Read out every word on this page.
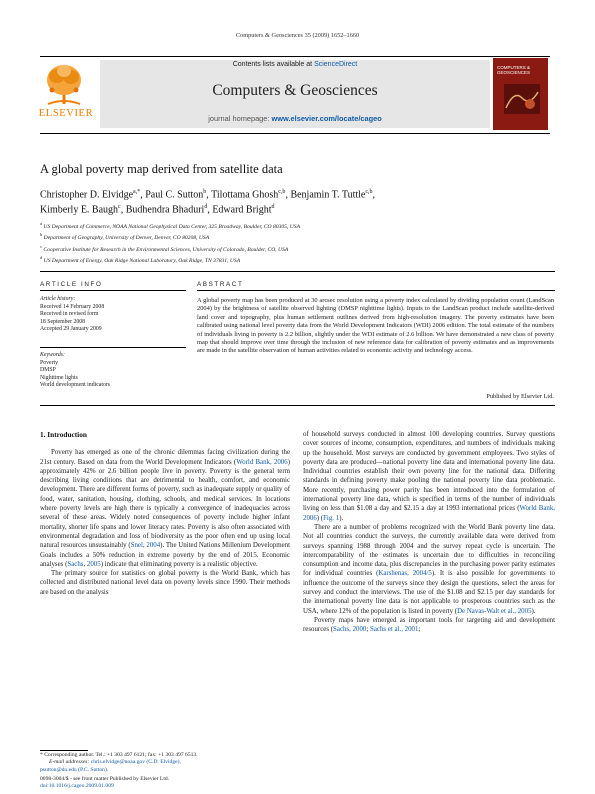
Computers & Geosciences 35 (2009) 1652–1660
ELSEVIER
Contents lists available at ScienceDirect
Computers & Geosciences
journal homepage: www.elsevier.com/locate/cageo
COMPUTERS & GEOSCIENCES
A global poverty map derived from satellite data
Christopher D. Elvidge$^{a,*}$, Paul C. Sutton$^b$, Tilottama Ghosh$^{c,b}$, Benjamin T. Tuttle$^{c,b}$,
Kimberly E. Baugh$^c$, Budhendra Bhaduri$^d$, Edward Bright$^d$
$^a$ US Department of Commerce, NOAA National Geophysical Data Center, 325 Broadway, Boulder, CO 80305, USA
$^b$ Department of Geography, University of Denver, Denver, CO 80208, USA
$^c$ Cooperative Institute for Research in the Environmental Sciences, University of Colorado, Boulder, CO, USA
$^d$ US Department of Energy, Oak Ridge National Laboratory, Oak Ridge, TN 37831, USA
ARTICLE INFO
Article history:
Received 14 February 2008
Received in revised form
18 September 2008
Accepted 29 January 2009
Keywords:
Poverty
DMSP
Nighttime lights
World development indicators
ABSTRACT
A global poverty map has been produced at 30 arcsec resolution using a poverty index calculated by dividing population count (LandScan 2004) by the brightness of satellite observed lighting (DMSP nighttime lights). Inputs to the LandScan product include satellite-derived land cover and topography, plus human settlement outlines derived from high-resolution imagery. The poverty estimates have been calibrated using national level poverty data from the World Development Indicators (WDI) 2006 edition. The total estimate of the numbers of individuals living in poverty is 2.2 billion, slightly under the WDI estimate of 2.6 billion. We have demonstrated a new class of poverty map that should improve over time through the inclusion of new reference data for calibration of poverty estimates and as improvements are made in the satellite observation of human activities related to economic activity and technology access.
Published by Elsevier Ltd.
1. Introduction

Poverty has emerged as one of the chronic dilemmas facing civilization during the 21st century. Based on data from the World Development Indicators (World Bank, 2006) approximately 42% or 2.6 billion people live in poverty. Poverty is the general term describing living conditions that are detrimental to health, comfort, and economic development. There are different forms of poverty, such as inadequate supply or quality of food, water, sanitation, housing, clothing, schools, and medical services. In locations where poverty levels are high there is typically a convergence of inadequacies across several of these areas. Widely noted consequences of poverty include higher infant mortality, shorter life spans and lower literacy rates. Poverty is also often associated with environmental degradation and loss of biodiversity as the poor often end up using local natural resources unsustainably (Snel, 2004). The United Nations Millenium Development Goals includes a 50% reduction in extreme poverty by the end of 2015. Economic analyses (Sachs, 2005) indicate that eliminating poverty is a realistic objective.

The primary source for statistics on global poverty is the World Bank, which has collected and distributed national level data on poverty levels since 1990. Their methods are based on the analysis

* Corresponding author. Tel.: +1 303 497 6121; fax: +1 303 497 6513.
E-mail addresses: chris.elvidge@noaa.gov (C.D. Elvidge),
psutton@du.edu (P.C. Sutton).
0098-3004/$ - see front matter Published by Elsevier Ltd.
doi:10.1016/j.cageo.2009.01.009

of household surveys conducted in almost 100 developing countries. Survey questions cover sources of income, consumption, expenditures, and numbers of individuals making up the household. Most surveys are conducted by government employees. Two styles of poverty data are produced—national poverty line data and international poverty line data. Individual countries establish their own poverty line for the national data. Differing standards in defining poverty make pooling the national poverty line data problematic. More recently, purchasing power parity has been introduced into the formulation of international poverty line data, which is specified in terms of the number of individuals living on less than $1.08 a day and $2.15 a day at 1993 international prices (World Bank, 2006) (Fig. 1).

There are a number of problems recognized with the World Bank poverty line data. Not all countries conduct the surveys, the currently available data were derived from surveys spanning 1988 through 2004 and the survey repeat cycle is uncertain. The intercomparability of the estimates is uncertain due to difficulties in reconciling consumption and income data, plus discrepancies in the purchasing power parity estimates for individual countries (Karshenas, 2004/5). It is also possible for governments to influence the outcome of the surveys since they design the questions, select the areas for survey and conduct the interviews. The use of the $1.08 and $2.15 per day standards for the international poverty line data is not applicable to prosperous countries such as the USA, where 12% of the population is listed in poverty (De Navas-Walt et al., 2005).

Poverty maps have emerged as important tools for targeting aid and development resources (Sachs, 2000; Sachs et al., 2001;
